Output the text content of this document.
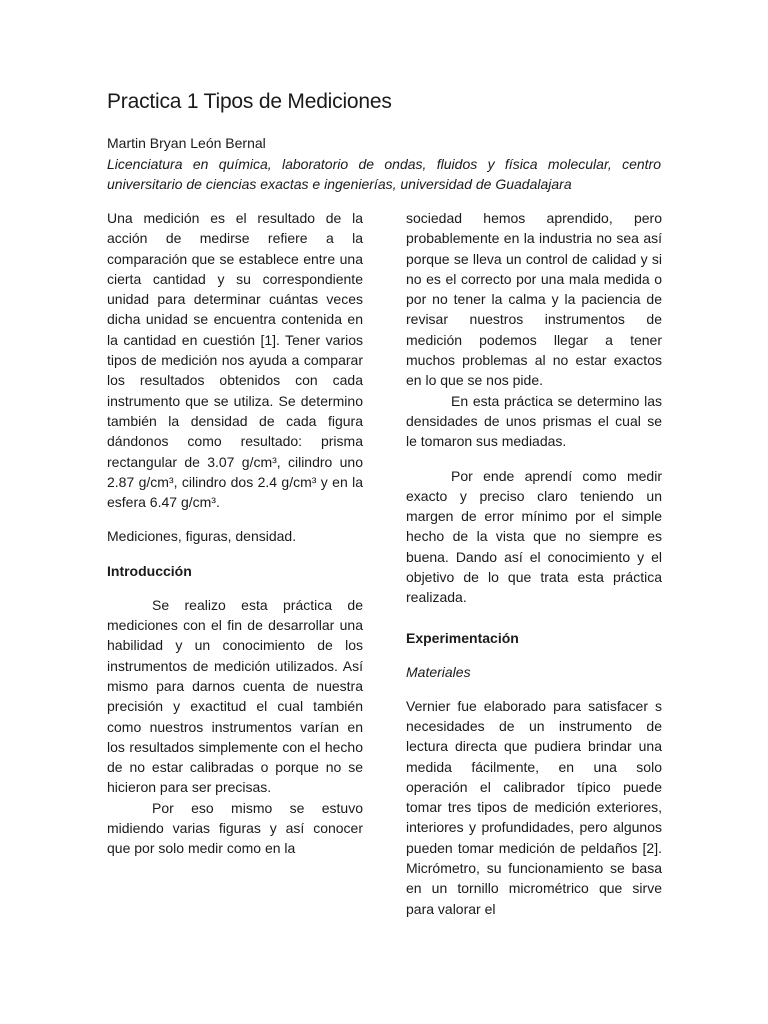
Practica 1 Tipos de Mediciones
Martin Bryan León Bernal
Licenciatura en química, laboratorio de ondas, fluidos y física molecular, centro universitario de ciencias exactas e ingenierías, universidad de Guadalajara

Una medición es el resultado de la acción de medirse refiere a la comparación que se establece entre una cierta cantidad y su correspondiente unidad para determinar cuántas veces dicha unidad se encuentra contenida en la cantidad en cuestión [1]. Tener varios tipos de medición nos ayuda a comparar los resultados obtenidos con cada instrumento que se utiliza. Se determino también la densidad de cada figura dándonos como resultado: prisma rectangular de 3.07 g/cm³, cilindro uno 2.87 g/cm³, cilindro dos 2.4 g/cm³ y en la esfera 6.47 g/cm³.

Mediciones, figuras, densidad.

Introducción

Se realizo esta práctica de mediciones con el fin de desarrollar una habilidad y un conocimiento de los instrumentos de medición utilizados. Así mismo para darnos cuenta de nuestra precisión y exactitud el cual también como nuestros instrumentos varían en los resultados simplemente con el hecho de no estar calibradas o porque no se hicieron para ser precisas.

Por eso mismo se estuvo midiendo varias figuras y así conocer que por solo medir como en la

sociedad hemos aprendido, pero probablemente en la industria no sea así porque se lleva un control de calidad y si no es el correcto por una mala medida o por no tener la calma y la paciencia de revisar nuestros instrumentos de medición podemos llegar a tener muchos problemas al no estar exactos en lo que se nos pide.

En esta práctica se determino las densidades de unos prismas el cual se le tomaron sus mediadas.

Por ende aprendí como medir exacto y preciso claro teniendo un margen de error mínimo por el simple hecho de la vista que no siempre es buena. Dando así el conocimiento y el objetivo de lo que trata esta práctica realizada.

Experimentación

Materiales

Vernier fue elaborado para satisfacer s necesidades de un instrumento de lectura directa que pudiera brindar una medida fácilmente, en una solo operación el calibrador típico puede tomar tres tipos de medición exteriores, interiores y profundidades, pero algunos pueden tomar medición de peldaños [2]. Micrómetro, su funcionamiento se basa en un tornillo micrométrico que sirve para valorar el
